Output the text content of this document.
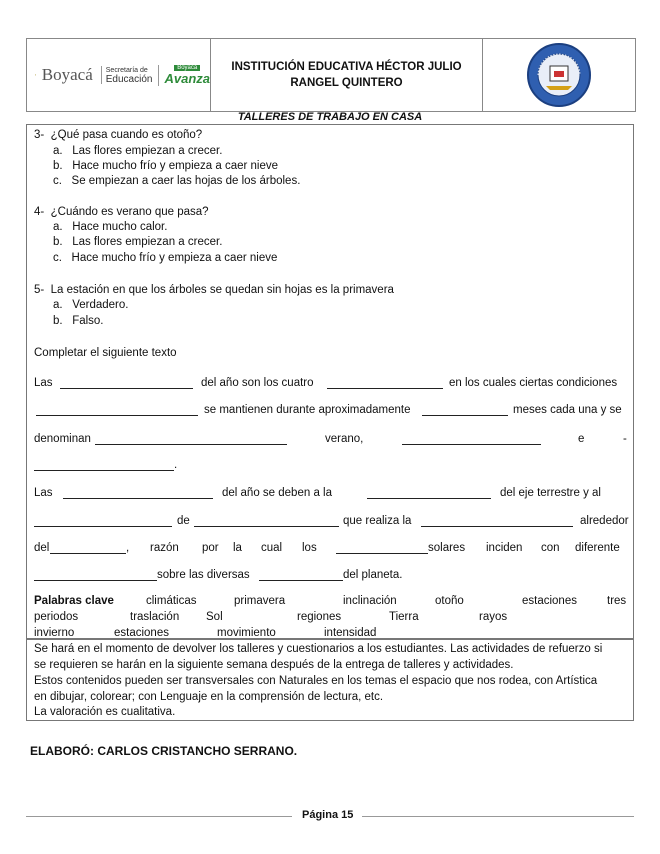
Boyacá Secretaría de
Educación
Boyacá
Avanza
INSTITUCIÓN EDUCATIVA HÉCTOR JULIO RANGEL QUINTERO
TALLERES DE TRABAJO EN CASA
3- ¿Qué pasa cuando es otoño?
a. Las flores empiezan a crecer.
b. Hace mucho frío y empieza a caer nieve
c. Se empiezan a caer las hojas de los árboles.
4- ¿Cuándo es verano que pasa?
a. Hace mucho calor.
b. Las flores empiezan a crecer.
c. Hace mucho frío y empieza a caer nieve
5- La estación en que los árboles se quedan sin hojas es la primavera
a. Verdadero.
b. Falso.
Completar el siguiente texto
Las	del año son los cuatro	en los cuales ciertas condiciones
se mantienen durante aproximadamente	meses cada una y se
denominan	verano,	e	-
.
Las	del año se deben a la	del eje terrestre y al
de	que realiza la	alrededor
del	, razón por la cual los	solares inciden con diferente
sobre las diversas	del planeta.
Palabras clave	climáticas	primavera	inclinación	otoño	estaciones	tres
periodos	traslación Sol	regiones	Tierra	rayos
invierno	estaciones	movimiento	intensidad
Se hará en el momento de devolver los talleres y cuestionarios a los estudiantes. Las actividades de refuerzo si
se requieren se harán en la siguiente semana después de la entrega de talleres y actividades.
Estos contenidos pueden ser transversales con Naturales en los temas el espacio que nos rodea, con Artística
en dibujar, colorear; con Lenguaje en la comprensión de lectura, etc.
La valoración es cualitativa.
ELABORÓ: CARLOS CRISTANCHO SERRANO.
Página 15
